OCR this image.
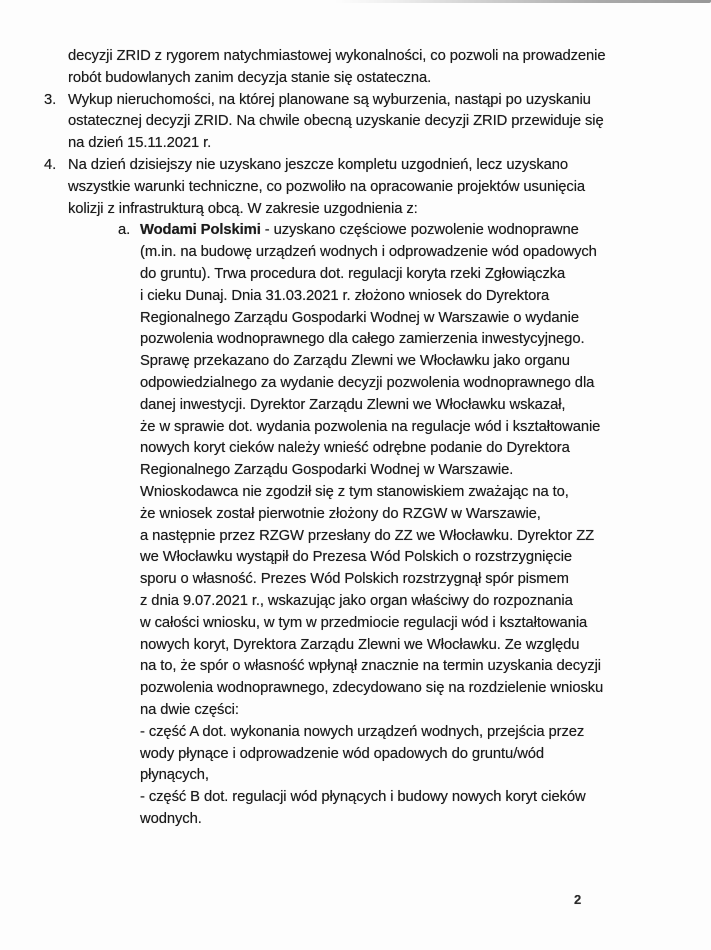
decyzji ZRID z rygorem natychmiastowej wykonalności, co pozwoli na prowadzenie
robót budowlanych zanim decyzja stanie się ostateczna.
3. Wykup nieruchomości, na której planowane są wyburzenia, nastąpi po uzyskaniu
ostatecznej decyzji ZRID. Na chwile obecną uzyskanie decyzji ZRID przewiduje się
na dzień 15.11.2021 r.
4. Na dzień dzisiejszy nie uzyskano jeszcze kompletu uzgodnień, lecz uzyskano
wszystkie warunki techniczne, co pozwoliło na opracowanie projektów usunięcia
kolizji z infrastrukturą obcą. W zakresie uzgodnienia z:
a. Wodami Polskimi - uzyskano częściowe pozwolenie wodnoprawne
(m.in. na budowę urządzeń wodnych i odprowadzenie wód opadowych
do gruntu). Trwa procedura dot. regulacji koryta rzeki Zgłowiączka
i cieku Dunaj. Dnia 31.03.2021 r. złożono wniosek do Dyrektora
Regionalnego Zarządu Gospodarki Wodnej w Warszawie o wydanie
pozwolenia wodnoprawnego dla całego zamierzenia inwestycyjnego.
Sprawę przekazano do Zarządu Zlewni we Włocławku jako organu
odpowiedzialnego za wydanie decyzji pozwolenia wodnoprawnego dla
danej inwestycji. Dyrektor Zarządu Zlewni we Włocławku wskazał,
że w sprawie dot. wydania pozwolenia na regulacje wód i kształtowanie
nowych koryt cieków należy wnieść odrębne podanie do Dyrektora
Regionalnego Zarządu Gospodarki Wodnej w Warszawie.
Wnioskodawca nie zgodził się z tym stanowiskiem zważając na to,
że wniosek został pierwotnie złożony do RZGW w Warszawie,
a następnie przez RZGW przesłany do ZZ we Włocławku. Dyrektor ZZ
we Włocławku wystąpił do Prezesa Wód Polskich o rozstrzygnięcie
sporu o własność. Prezes Wód Polskich rozstrzygnął spór pismem
z dnia 9.07.2021 r., wskazując jako organ właściwy do rozpoznania
w całości wniosku, w tym w przedmiocie regulacji wód i kształtowania
nowych koryt, Dyrektora Zarządu Zlewni we Włocławku. Ze względu
na to, że spór o własność wpłynął znacznie na termin uzyskania decyzji
pozwolenia wodnoprawnego, zdecydowano się na rozdzielenie wniosku
na dwie części:
- część A dot. wykonania nowych urządzeń wodnych, przejścia przez
wody płynące i odprowadzenie wód opadowych do gruntu/wód
płynących,
- część B dot. regulacji wód płynących i budowy nowych koryt cieków
wodnych.
2
